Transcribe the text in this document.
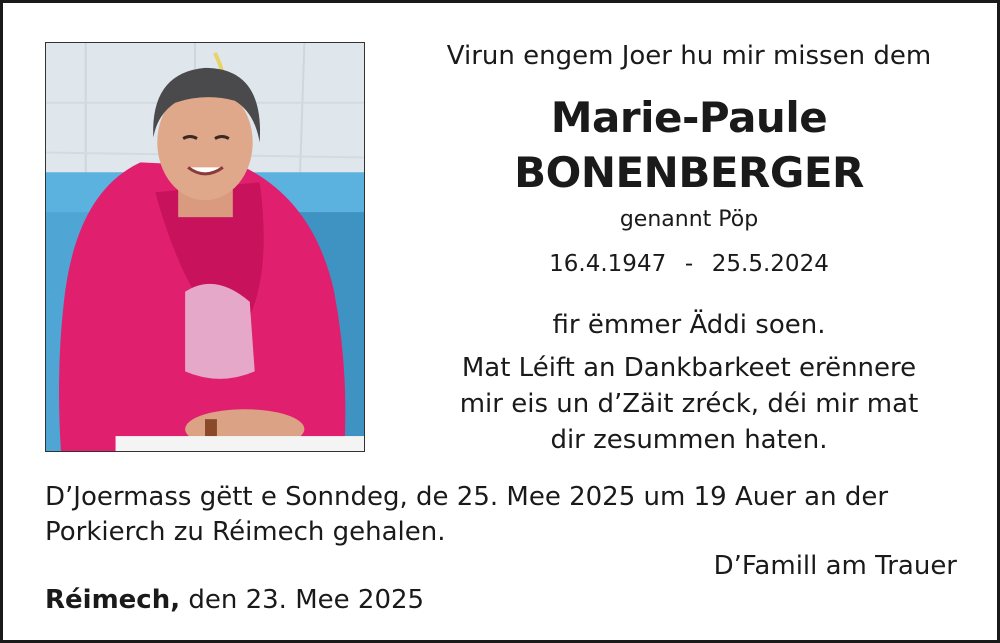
Virun engem Joer hu mir missen dem
Marie-Paule
BONENBERGER
genannt Pöp
16.4.1947 - 25.5.2024
fir ëmmer Äddi soen.
Mat Léift an Dankbarkeet erënnere
mir eis un d’Zäit zréck, déi mir mat
dir zesummen haten.
D’Joermass gëtt e Sonndeg, de 25. Mee 2025 um 19 Auer an der
Porkierch zu Réimech gehalen.
D’Famill am Trauer
Réimech, den 23. Mee 2025
